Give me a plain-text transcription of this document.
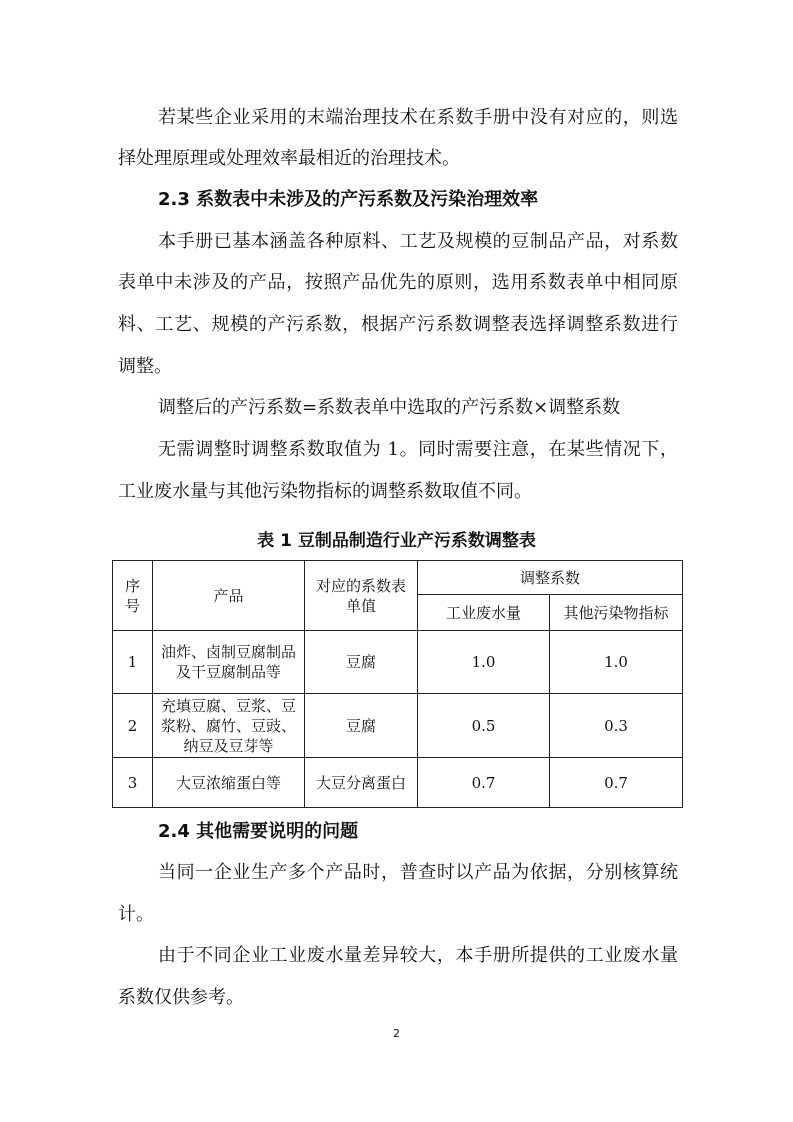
若某些企业采用的末端治理技术在系数手册中没有对应的，则选
择处理原理或处理效率最相近的治理技术。
2.3 系数表中未涉及的产污系数及污染治理效率
本手册已基本涵盖各种原料、工艺及规模的豆制品产品，对系数
表单中未涉及的产品，按照产品优先的原则，选用系数表单中相同原
料、工艺、规模的产污系数，根据产污系数调整表选择调整系数进行
调整。
调整后的产污系数=系数表单中选取的产污系数×调整系数
无需调整时调整系数取值为 1。同时需要注意，在某些情况下，
工业废水量与其他污染物指标的调整系数取值不同。
表 1 豆制品制造行业产污系数调整表
序号	产品	对应的系数表单值	调整系数	
			工业废水量	其他污染物指标
1	油炸、卤制豆腐制品及干豆腐制品等	豆腐	1.0	1.0
2	充填豆腐、豆浆、豆浆粉、腐竹、豆豉、纳豆及豆芽等	豆腐	0.5	0.3
3	大豆浓缩蛋白等	大豆分离蛋白	0.7	0.7
2.4 其他需要说明的问题
当同一企业生产多个产品时，普查时以产品为依据，分别核算统
计。
由于不同企业工业废水量差异较大，本手册所提供的工业废水量
系数仅供参考。
2
